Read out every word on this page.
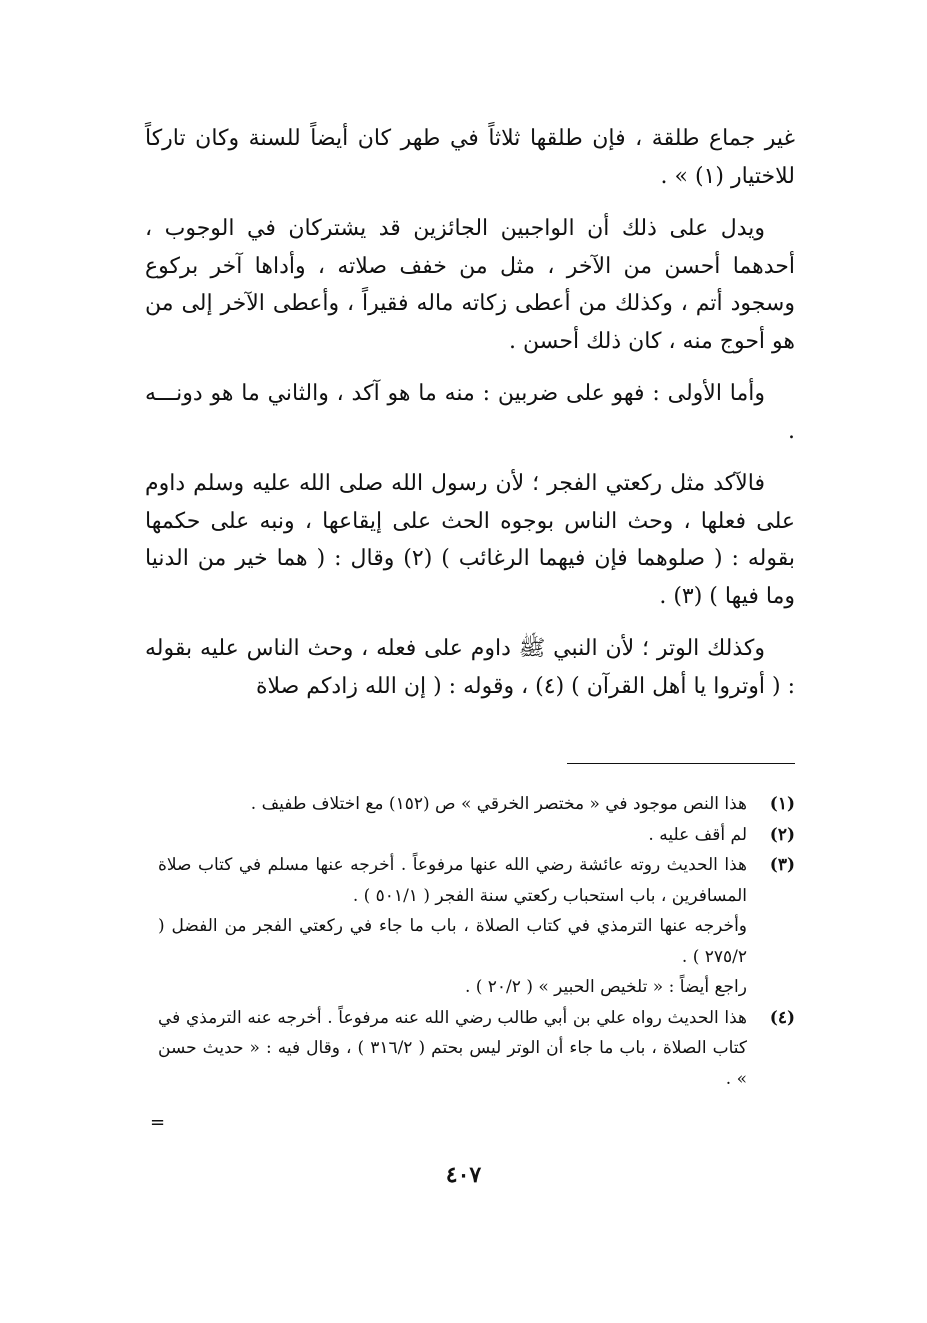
غير جماع طلقة ، فإن طلقها ثلاثاً في طهر كان أيضاً للسنة وكان تاركاً للاختيار (١) » .

ويدل على ذلك أن الواجبين الجائزين قد يشتركان في الوجوب ، أحدهما أحسن من الآخر ، مثل من خفف صلاته ، وأداها آخر بركوع وسجود أتم ، وكذلك من أعطى زكاته ماله فقيراً ، وأعطى الآخر إلى من هو أحوج منه ، كان ذلك أحسن .

وأما الأولى : فهو على ضربين : منه ما هو آكد ، والثاني ما هو دونـــه .

فالآكد مثل ركعتي الفجر ؛ لأن رسول الله صلى الله عليه وسلم داوم على فعلها ، وحث الناس بوجوه الحث على إيقاعها ، ونبه على حكمها بقوله : ( صلوهما فإن فيهما الرغائب ) (٢) وقال : ( هما خير من الدنيا وما فيها ) (٣) .

وكذلك الوتر ؛ لأن النبي ﷺ داوم على فعله ، وحث الناس عليه بقوله : ( أوتروا يا أهل القرآن ) (٤) ، وقوله : ( إن الله زادكم صلاة

(١)
هذا النص موجود في « مختصر الخرقي » ص (١٥٢) مع اختلاف طفيف .
(٢)
لم أقف عليه .
(٣)
هذا الحديث روته عائشة رضي الله عنها مرفوعاً . أخرجه عنها مسلم في كتاب صلاة المسافرين ، باب استحباب ركعتي سنة الفجر ( ٥٠١/١ ) .
وأخرجه عنها الترمذي في كتاب الصلاة ، باب ما جاء في ركعتي الفجر من الفضل ( ٢٧٥/٢ ) .
راجع أيضاً : « تلخيص الحبير » ( ٢٠/٢ ) .
(٤)
هذا الحديث رواه علي بن أبي طالب رضي الله عنه مرفوعاً . أخرجه عنه الترمذي في كتاب الصلاة ، باب ما جاء أن الوتر ليس بحتم ( ٣١٦/٢ ) ، وقال فيه : « حديث حسن » .
=
٤٠٧
